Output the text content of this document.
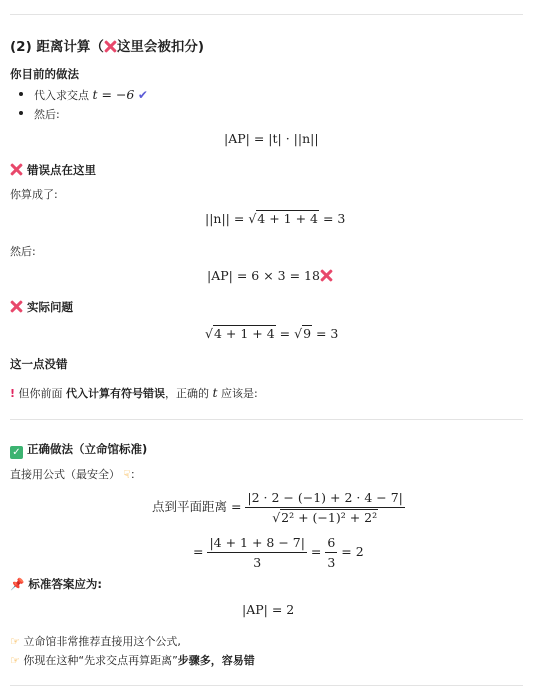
(2) 距离计算（ 这里会被扣分)
你目前的做法
代入求交点 t = −6 ✔
然后:
|AP| = |t| · ||n||
错误点在这里
你算成了:
||n|| = √4 + 1 + 4 = 3
然后:
|AP| = 6 × 3 = 18
实际问题
√4 + 1 + 4 = √9 = 3
这一点没错
! 但你前面 代入计算有符号错误，正确的 t 应该是:
✓ 正确做法（立命馆标准)
直接用公式（最安全） ☟：
点到平面距离 = $\frac{|2 \cdot 2 - (-1) + 2 \cdot 4 - 7|}{\text{√2² + (−1)² + 2²}}$
= $\frac{|4 + 1 + 8 - 7|}{3} = \frac{6}{3} = 2$
📌 标准答案应为:
|AP| = 2
☞ 立命馆非常推荐直接用这个公式,
☞ 你现在这种“先求交点再算距离”步骤多，容易错
